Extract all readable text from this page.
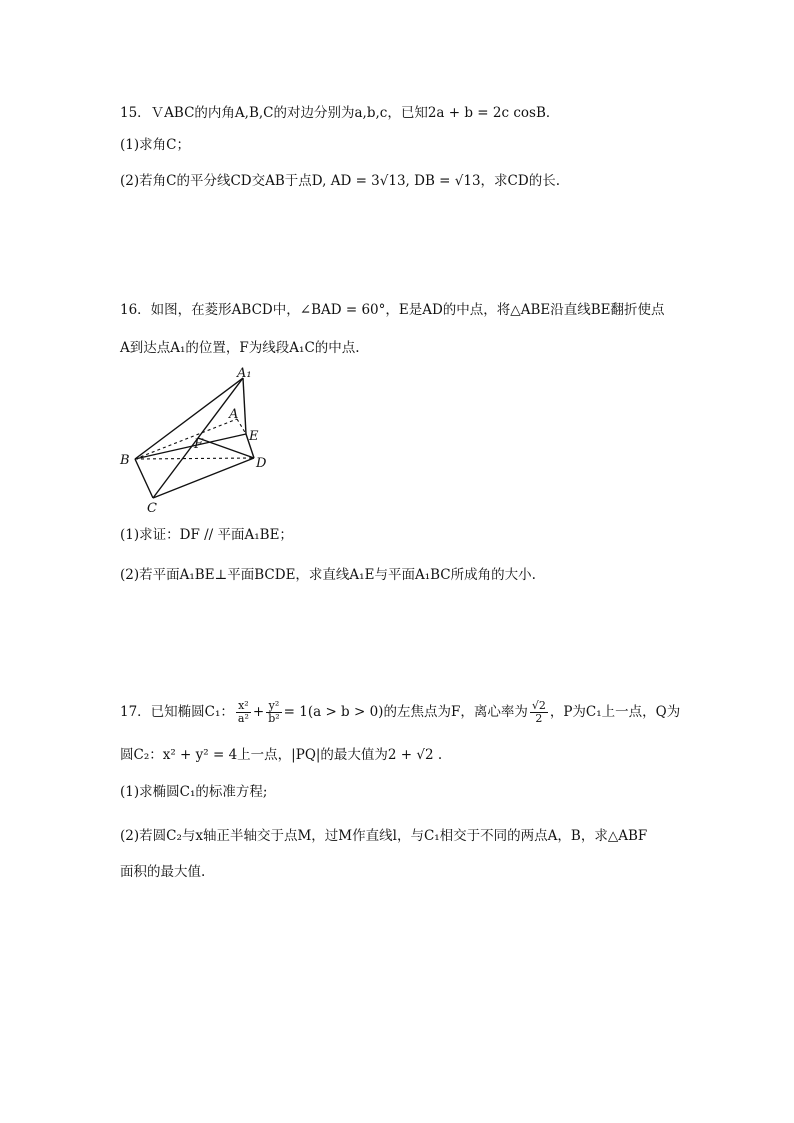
15．ＶABC的内角A,B,C的对边分别为a,b,c，已知2a + b = 2c cosB．
(1)求角C；
(2)若角C的平分线CD交AB于点D, AD = 3√13, DB = √13，求CD的长.
16．如图，在菱形ABCD中，∠BAD = 60°，E是AD的中点，将△ABE沿直线BE翻折使点
A到达点A₁的位置，F为线段A₁C的中点.
A₁
A
E
F
B	D
C
(1)求证：DF // 平面A₁BE；
(2)若平面A₁BE⊥平面BCDE，求直线A₁E与平面A₁BC所成角的大小.
17．已知椭圆C₁： $\frac{\text{x²}}{\text{a²}} + \frac{\text{y²}}{\text{b²}} = 1(a > b > 0)$的左焦点为F，离心率为 $\frac{√2}{2}$ ，P为C₁上一点，Q为
圆C₂：x² + y² = 4上一点，|PQ|的最大值为2 + √2 .
(1)求椭圆C₁的标准方程;
(2)若圆C₂与x轴正半轴交于点M，过M作直线l，与C₁相交于不同的两点A，B，求△ABF
面积的最大值.
